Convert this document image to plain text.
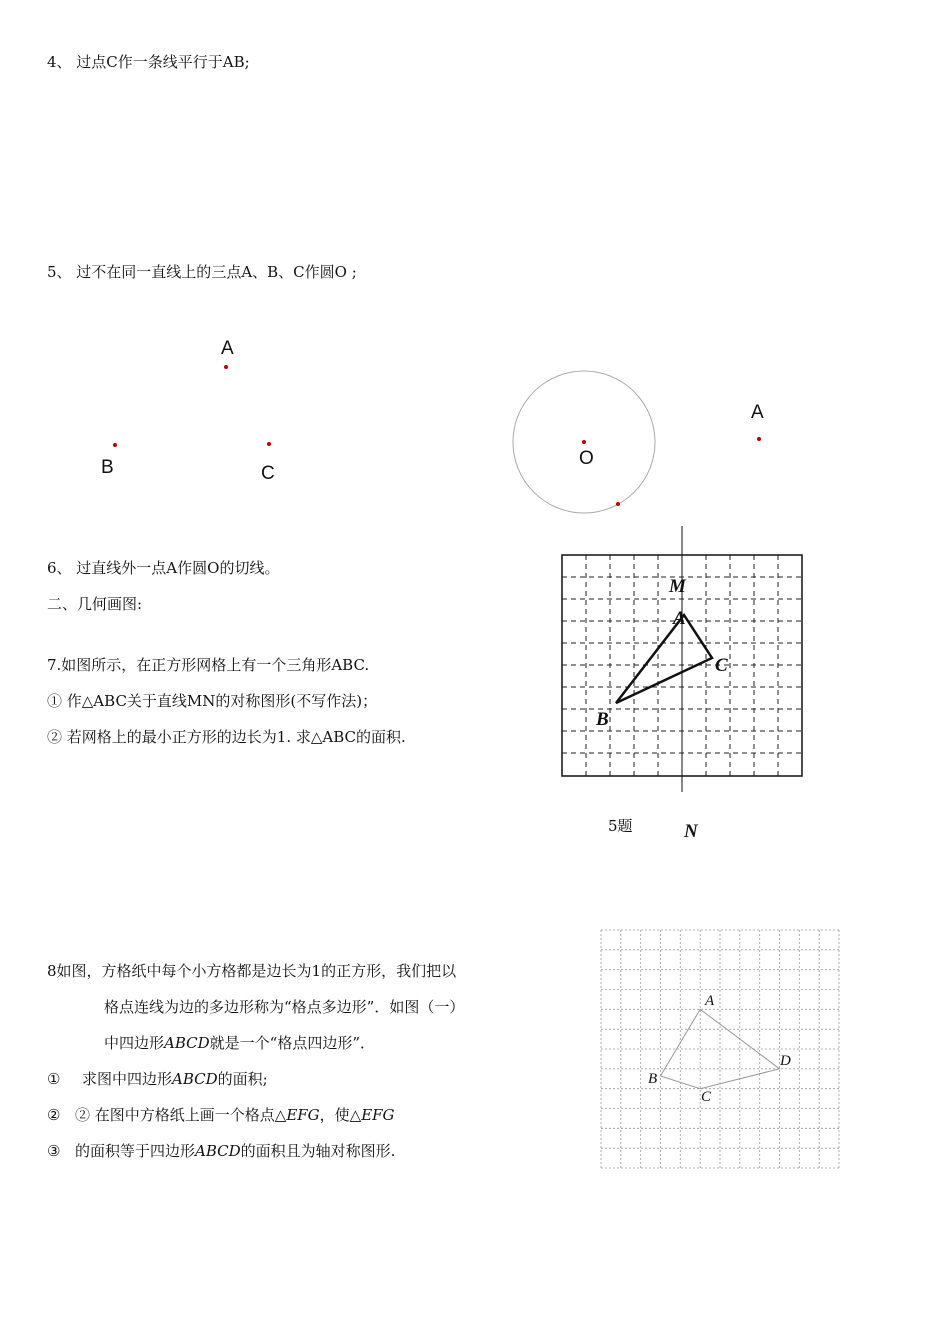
4、 过点C作一条线平行于AB;
5、 过不在同一直线上的三点A、B、C作圆O ;
A
B	C
O
A
6、 过直线外一点A作圆O的切线。
二、几何画图:
7.如图所示，在正方形网格上有一个三角形ABC.
① 作△ABC关于直线MN的对称图形(不写作法)；
② 若网格上的最小正方形的边长为1. 求△ABC的面积.
M
A
C
B
5题	N
8如图，方格纸中每个小方格都是边长为1的正方形，我们把以
格点连线为边的多边形称为“格点多边形”．如图（一）
中四边形ABCD就是一个“格点四边形”．
① 求图中四边形ABCD的面积;
② ② 在图中方格纸上画一个格点△EFG，使△EFG
③ 的面积等于四边形ABCD的面积且为轴对称图形.
A
B
C
D
